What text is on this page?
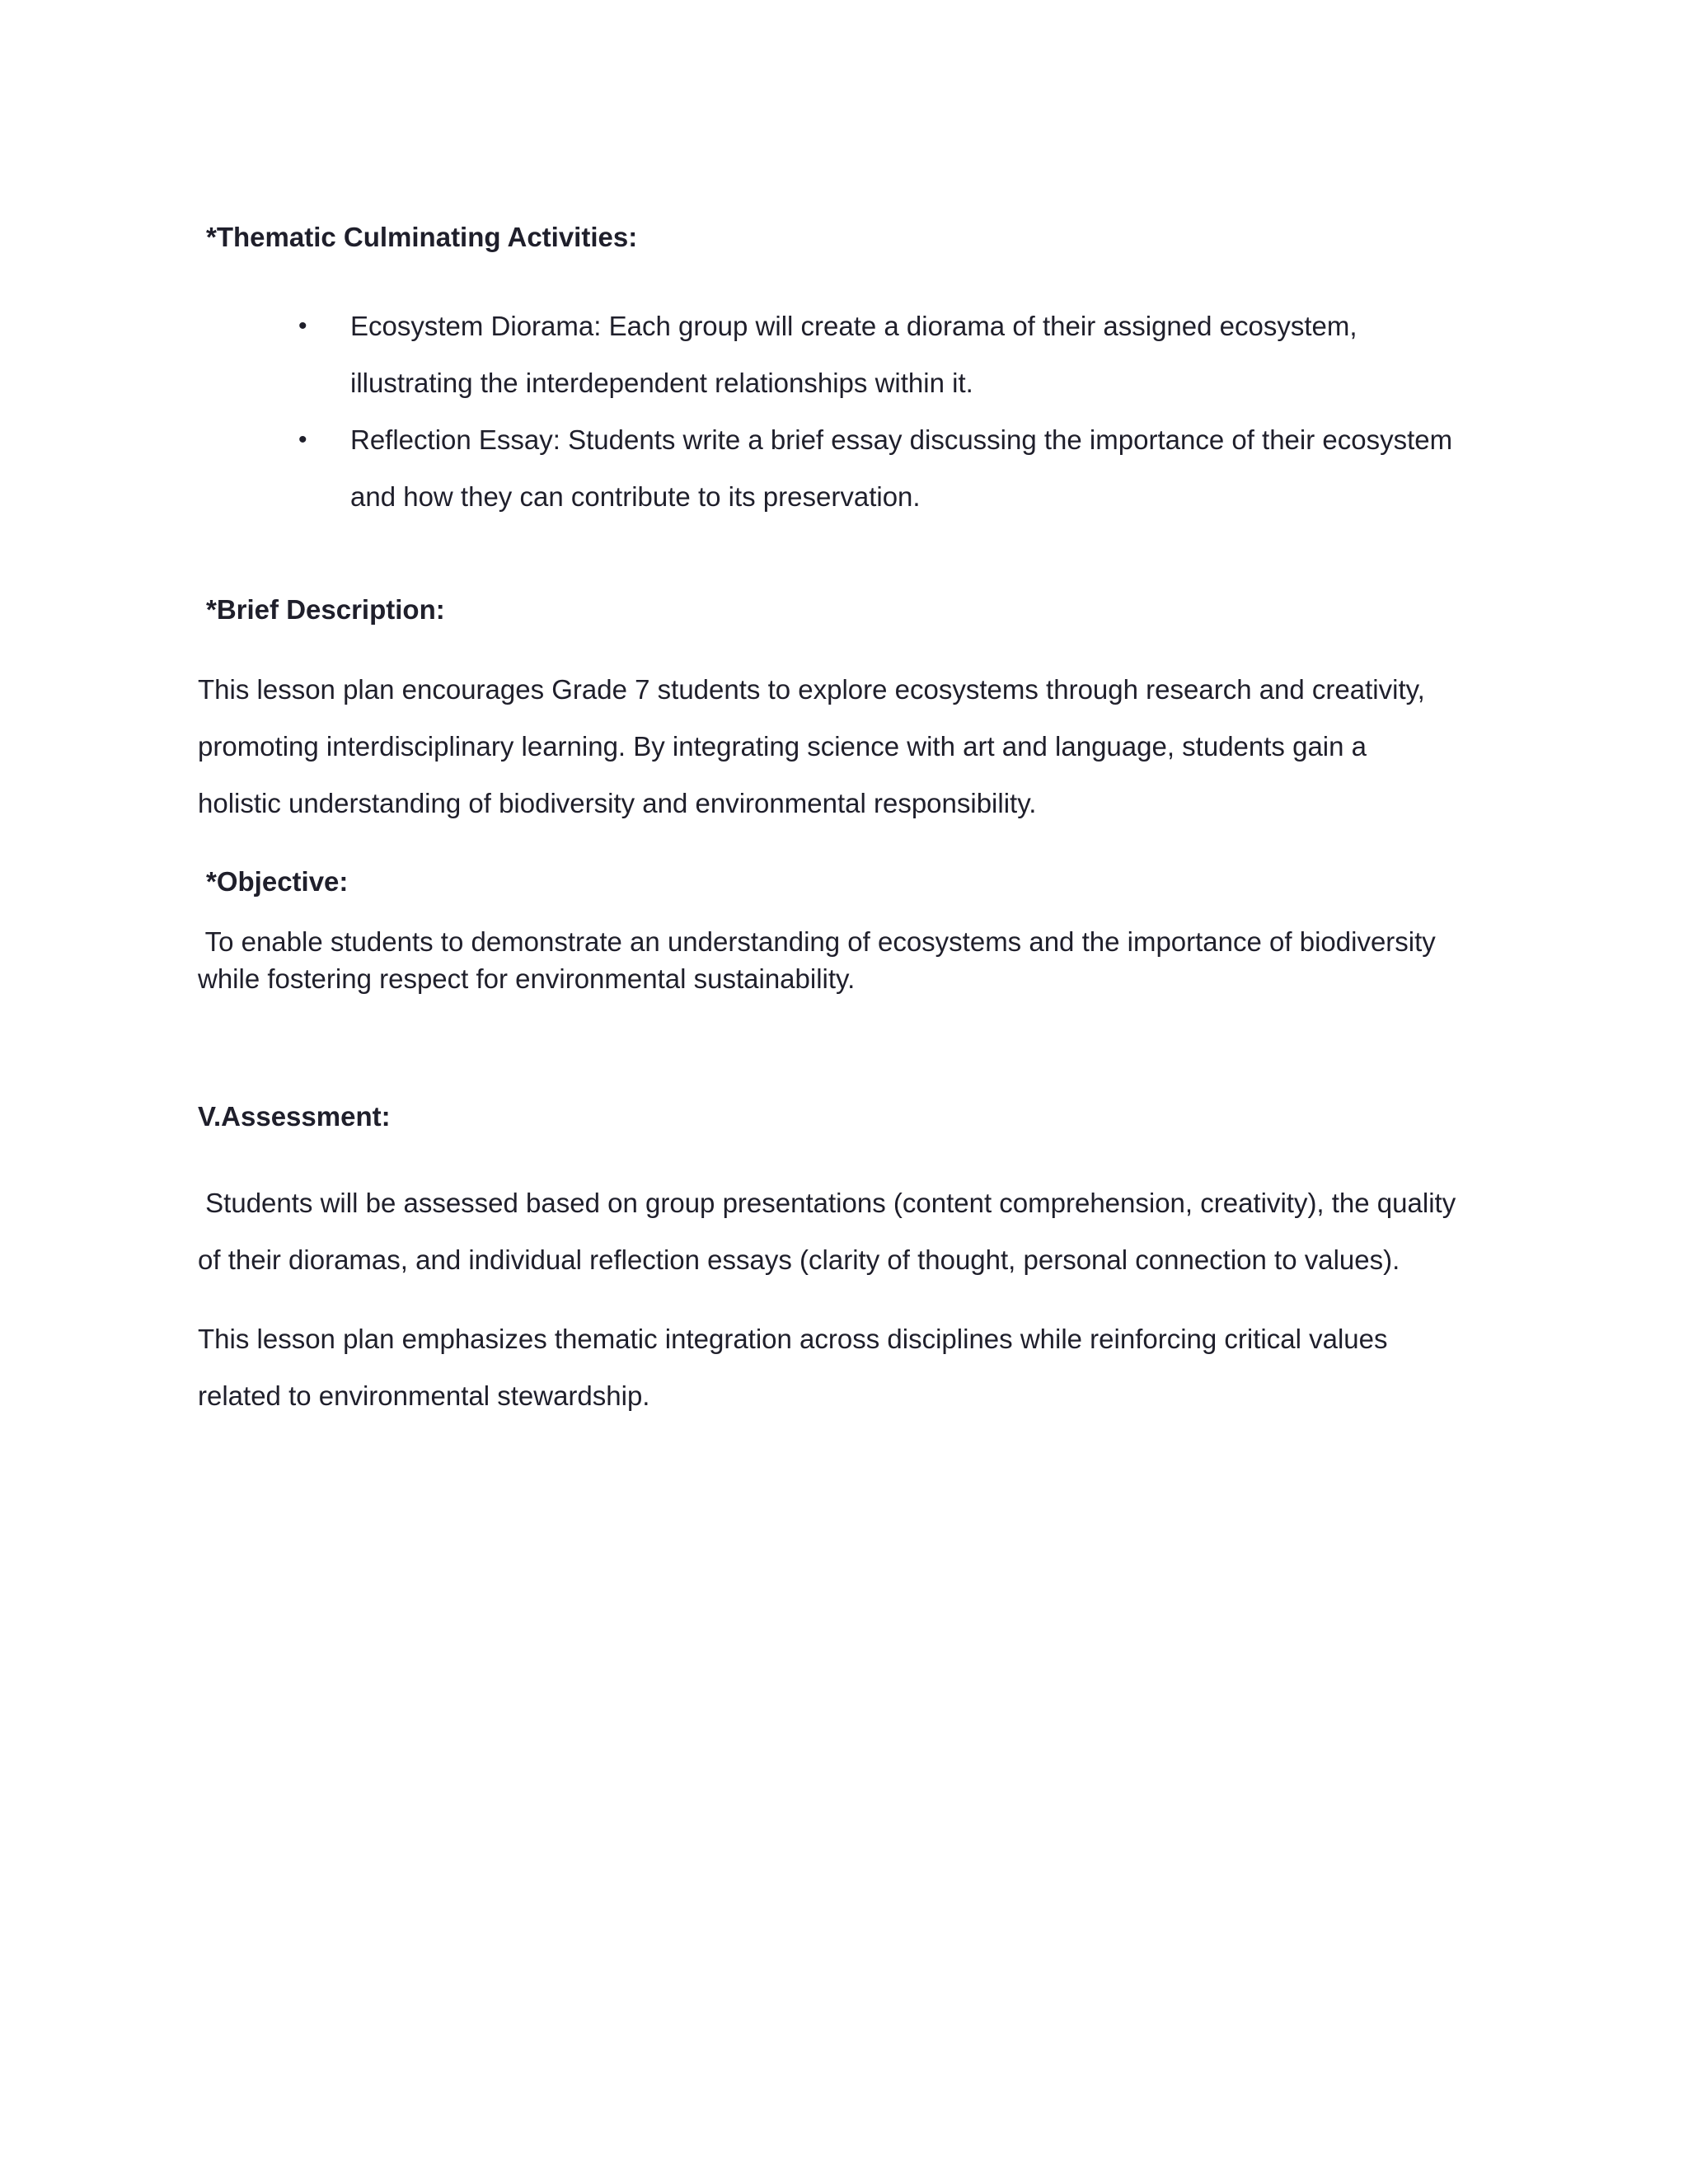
*Thematic Culminating Activities:
• Ecosystem Diorama: Each group will create a diorama of their assigned ecosystem,
illustrating the interdependent relationships within it.
• Reflection Essay: Students write a brief essay discussing the importance of their ecosystem
and how they can contribute to its preservation.
*Brief Description:
This lesson plan encourages Grade 7 students to explore ecosystems through research and creativity,
promoting interdisciplinary learning. By integrating science with art and language, students gain a
holistic understanding of biodiversity and environmental responsibility.
*Objective:
To enable students to demonstrate an understanding of ecosystems and the importance of biodiversity
while fostering respect for environmental sustainability.
V.Assessment:
Students will be assessed based on group presentations (content comprehension, creativity), the quality
of their dioramas, and individual reflection essays (clarity of thought, personal connection to values).
This lesson plan emphasizes thematic integration across disciplines while reinforcing critical values
related to environmental stewardship.
